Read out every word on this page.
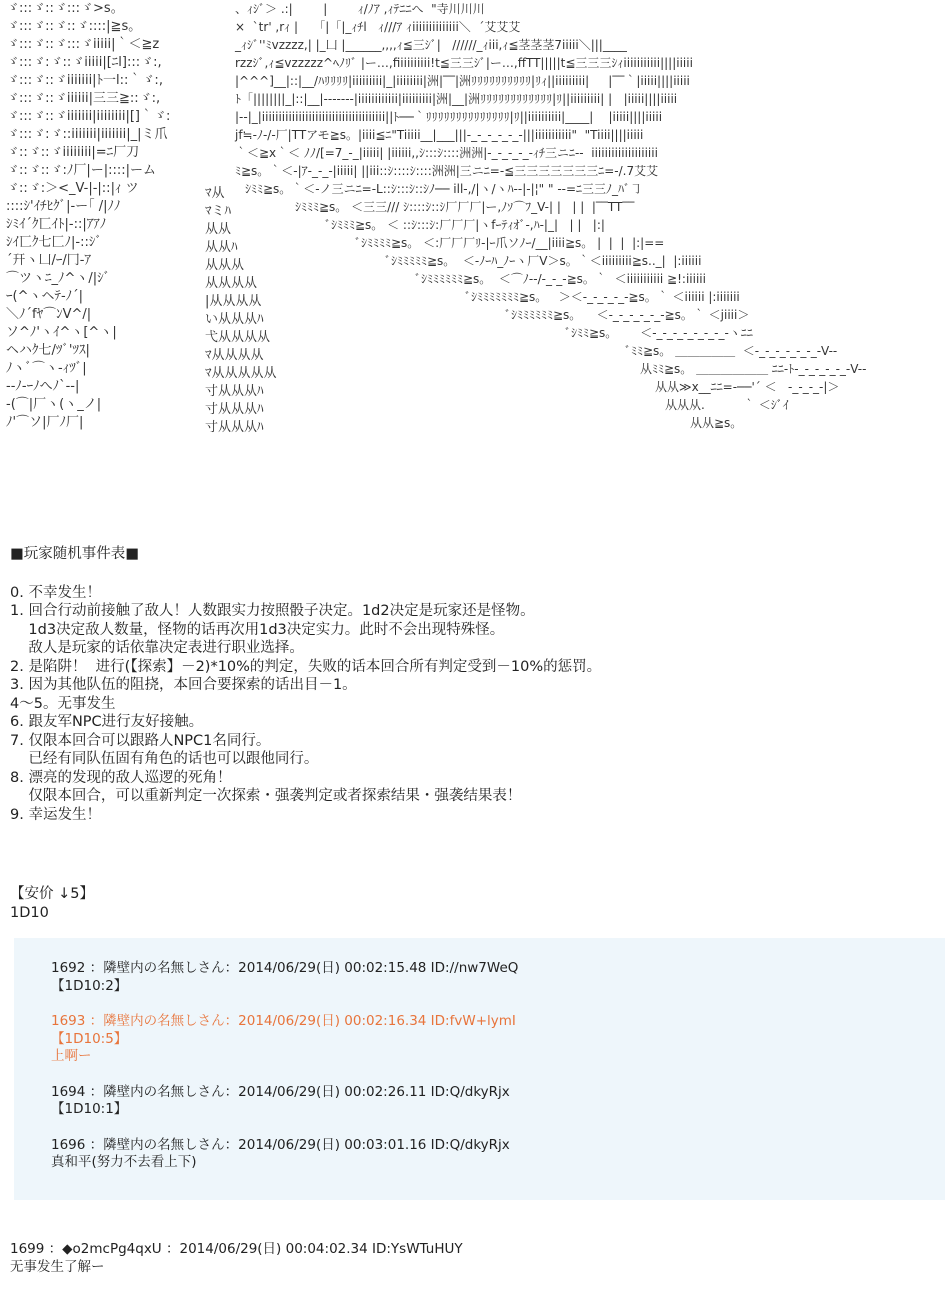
ゞ:::ゞ::ゞ:::ゞ>s。
ゞ:::ゞ::ゞ::ゞ::::|≧s。
ゞ:::ゞ::ゞ:::ゞiiiii|｀＜≧z
ゞ:::ゞ:ゞ::ゞiiiii|[ﾆl]:::ゞ:,
ゞ:::ゞ::ゞiiiiiii|ﾄ一l::｀ゞ:,
ゞ:::ゞ::ゞiiiiii|三三≧::ゞ:,
ゞ:::ゞ::ゞiiiiiii|iiiiiiii|[]｀ゞ:
ゞ:::ゞ:ゞ::iiiiiii|iiiiiii|_|ミ爪
ゞ::ゞ::ゞiiiiiiii|=ﾆ厂刀
ゞ::ゞ::ゞ:ﾉ厂|ー|::::|ーム
ゞ::ゞ:＞<_V-|-|::|ｨ ツ
::::ｼ'ｲﾁﾋｸﾞ|-ー｢ /|ﾉﾉ
ｼﾐｲ´ｸ匸ｲﾄ|-::|ｱｱﾉ
ｼｲ匸ｸ七匚ﾉ|-::ｼﾞ
´幵ヽ凵/ｰ/冂-ｱ
⌒ツヽﾆ_ﾉ^ヽ/|ｼﾞ
ｰ(^ヽヘﾃ-ﾉ´|
＼ﾉ´fﾔ⌒ﾝV^/|
ソ^ﾉ'ヽｲ^ヽ[^ヽ|
ヘハｸ七/ﾂﾞ'ﾂｽ|
ﾉヽﾞ⌒ヽ-ｨﾂﾞ|
--ﾉ-ｰﾉへﾉ`--|
-(⌒|厂ヽ(ヽ_ノ|
ﾉ'⌒ソ|厂ﾉ厂|
ﾏ从
ﾏミﾊ
从从
从从ﾊ
从从从
从从从从
|从从从从
い从从从ﾊ
弋从从从从
ﾏ从从从从
ﾏ从从从从从
寸从从从ﾊ
寸从从从ﾊ
寸从从从ﾊ
、ｨｼﾞ＞ .:|        |        ｨ/ﾉｱ ,ｨﾃﾆﾆへ  "寺川川川
×  `tr' ,rｨ |    「|「|_ｨﾁl   ｨ///ｱ ｨiiiiiiiiiiiiii＼  ´艾艾艾
_ｨｼﾞ''ﾐvzzzz,| |_凵 |______,,,,ｨ≦三ｼﾞ|   //////_ｨiii,ｨ≦茎茎茎7iiiii＼|||____
rzzｼﾞ,ｨ≦vzzzzz^ﾍﾉﾘﾞ |ー…,fiiiiiiiiii!t≦三三ｼﾞ|ー…,ffTT|||||t≦三三三ｼｨiiiiiiiiiii||||iiiii
|^^^]__|::|__/ﾊﾘﾘﾘﾘ|iiiiiiiii|_|iiiiiiii|洲|‾‾|洲ﾘﾘﾘﾘﾘﾘﾘﾘﾘﾘ|ﾘｨ||iiiiiiiii|     |‾‾｀|iiiii||||iiiii
ﾄ「||||||||_|::|__|-------|iiiiiiiiiiii|iiiiiiiii|洲|__|洲ﾘﾘﾘﾘﾘﾘﾘﾘﾘﾘﾘﾘ|ﾘ||iiiiiiiii| |   |iiiii||||iiiii
|--|_|iiiiiiiiiiiiiiiiiiiiiiiiiiiiiiiiiiiii||ﾄ──｀ﾘﾘﾘﾘﾘﾘﾘﾘﾘﾘﾘﾘﾘﾘ|ﾘ||iiiiiiiiii|____|    |iiiii||||iiiii
jf≒-ﾉ-/-厂|TTアモ≧s。|iiii≦ﾆ"Tiiiii__|___|||-_-_-_-_-_-|||iiiiiiiiiii"  "Tiiii||||iiiii
｀＜≧x｀＜ ﾉﾉ/[=7_-_|iiiii| |iiiiii,,ｼ:::ｼ::::洲洲|-_-_-_-_-ｨﾁ三ニﾆ--  iiiiiiiiiiiiiiiiiiii
ﾐ≧s。｀＜-|ｱ-_-_-|iiiii| ||iii::ｼ::::ｼ::::洲洲|三ニﾆ=-≦三三三三三三三ﾆ=-/.7艾艾
ｼﾐﾐ≧s。｀＜-ノ三ニﾆ=-L::ｼ:::ｼ::ｼﾉ── ill-,/|ヽ/ヽﾊ--|-|¦" " --=ﾆ三三ﾉ_ﾊﾞ㇆
ｼﾐﾐﾐ≧s。 ＜三三/// ｼ::::ｼ::ｼ厂厂厂|ー,ﾉｿ⌒ﾌ_V-| |   | |  |‾‾TT‾‾
ﾞｼﾐﾐﾐ≧s。 ＜ ::ｼ:::ｼ:厂厂厂|ヽfｰﾃｨｵﾞ-,ﾊ-|_|   | |   |:|
ﾞｼﾐﾐﾐﾐ≧s。 ＜:厂厂厂ﾘ-|ｰ爪ソﾉｰ/__|iiii≧s。 |  |  |  |:|==
ﾞｼﾐﾐﾐﾐﾐ≧s。  ＜-ﾉｰﾊ_ﾉｰヽ厂V＞s。｀＜iiiiiiiii≧s.._|  |:iiiiii
ﾞｼﾐﾐﾐﾐﾐﾐ≧s。  ＜⌒ﾉ--/-_-_-≧s。｀  ＜iiiiiiiiiii ≧!:iiiiii
ﾞｼﾐﾐﾐﾐﾐﾐﾐ≧s。   ＞＜-_-_-_-_-≧s。｀ ＜iiiiii |:iiiiiii
ﾞｼﾐﾐﾐﾐﾐﾐ≧s。    ＜-_-_-_-_-_-≧s。｀ ＜jiiii＞
ﾞｼﾐﾐ≧s。      ＜-_-_-_-_-_-_-_-ヽﾆﾆ
ﾞﾐﾐ≧s。 ＿＿＿＿＿  ＜-_-_-_-_-_-_-V--
从ﾐﾐ≧s。 ＿＿＿＿＿＿ ﾆﾆ-ﾄ-_-_-_-_-_-V--
从从≫x__ﾆﾆ=-──'´ ＜   -_-_-_-|＞
从从从.          ｀ ＜ｼﾞｲ
从从≧s。
■玩家随机事件表■
0. 不幸发生！
1. 回合行动前接触了敌人！人数跟实力按照骰子决定。1d2决定是玩家还是怪物。
1d3决定敌人数量，怪物的话再次用1d3决定实力。此时不会出现特殊怪。
敌人是玩家的话依靠决定表进行职业选择。
2. 是陷阱！  进行(【探索】－2)*10%的判定，失败的话本回合所有判定受到－10%的惩罚。
3. 因为其他队伍的阻挠，本回合要探索的话出目－1。
4～5。无事发生
6. 跟友军NPC进行友好接触。
7. 仅限本回合可以跟路人NPC1名同行。
已经有同队伍固有角色的话也可以跟他同行。
8. 漂亮的发现的敌人巡逻的死角！
仅限本回合，可以重新判定一次探索・强袭判定或者探索结果・强袭结果表！
9. 幸运发生！
【安价 ↓5】
1D10
1692 ：隣壁内の名無しさん：2014/06/29(日) 00:02:15.48 ID://nw7WeQ
【1D10:2】
1693 ：隣壁内の名無しさん：2014/06/29(日) 00:02:16.34 ID:fvW+lymI
【1D10:5】
上啊ー
1694 ：隣壁内の名無しさん：2014/06/29(日) 00:02:26.11 ID:Q/dkyRjx
【1D10:1】
1696 ：隣壁内の名無しさん：2014/06/29(日) 00:03:01.16 ID:Q/dkyRjx
真和平(努力不去看上下)
1699 ：◆o2mcPg4qxU ：2014/06/29(日) 00:04:02.34 ID:YsWTuHUY
无事发生了解ー
